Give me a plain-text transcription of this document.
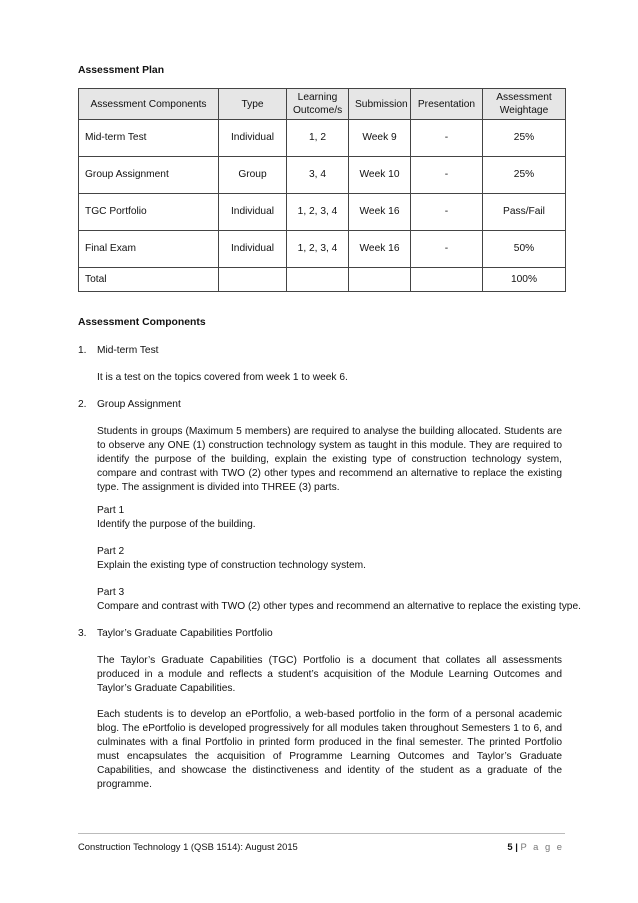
Assessment Plan
Assessment Components	Type	Learning Outcome/s	Submission	Presentation	Assessment Weightage
Mid-term Test	Individual	1, 2	Week 9	-	25%
Group Assignment	Group	3, 4	Week 10	-	25%
TGC Portfolio	Individual	1, 2, 3, 4	Week 16	-	Pass/Fail
Final Exam	Individual	1, 2, 3, 4	Week 16	-	50%
Total					100%
Assessment Components
1. Mid-term Test
It is a test on the topics covered from week 1 to week 6.
2. Group Assignment
Students in groups (Maximum 5 members) are required to analyse the building allocated. Students are to observe any ONE (1) construction technology system as taught in this module. They are required to identify the purpose of the building, explain the existing type of construction technology system, compare and contrast with TWO (2) other types and recommend an alternative to replace the existing type. The assignment is divided into THREE (3) parts.
Part 1
Identify the purpose of the building.
Part 2
Explain the existing type of construction technology system.
Part 3
Compare and contrast with TWO (2) other types and recommend an alternative to replace the existing type.
3. Taylor’s Graduate Capabilities Portfolio
The Taylor’s Graduate Capabilities (TGC) Portfolio is a document that collates all assessments produced in a module and reflects a student’s acquisition of the Module Learning Outcomes and Taylor’s Graduate Capabilities.
Each students is to develop an ePortfolio, a web-based portfolio in the form of a personal academic blog. The ePortfolio is developed progressively for all modules taken throughout Semesters 1 to 6, and culminates with a final Portfolio in printed form produced in the final semester. The printed Portfolio must encapsulates the acquisition of Programme Learning Outcomes and Taylor’s Graduate Capabilities, and showcase the distinctiveness and identity of the student as a graduate of the programme.
Construction Technology 1 (QSB 1514): August 2015	5 | P a g e
